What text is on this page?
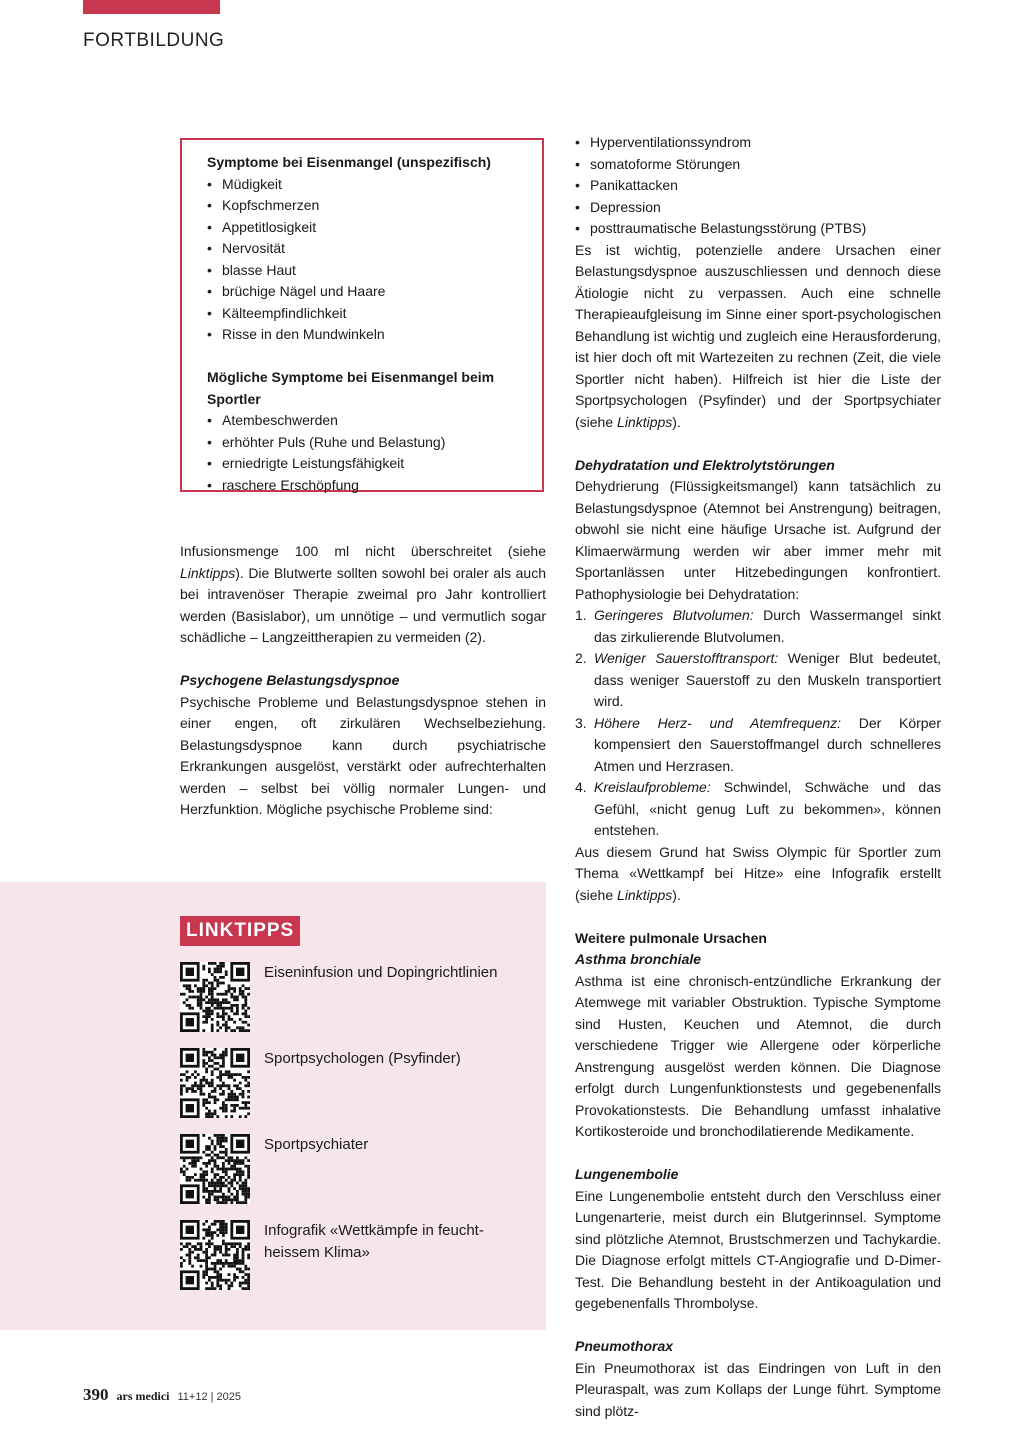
FORTBILDUNG
Symptome bei Eisenmangel (unspezifisch)
• Müdigkeit
• Kopfschmerzen
• Appetitlosigkeit
• Nervosität
• blasse Haut
• brüchige Nägel und Haare
• Kälteempfindlichkeit
• Risse in den Mundwinkeln
Mögliche Symptome bei Eisenmangel beim Sportler
• Atembeschwerden
• erhöhter Puls (Ruhe und Belastung)
• erniedrigte Leistungsfähigkeit
• raschere Erschöpfung

Infusionsmenge 100 ml nicht überschreitet (siehe Linktipps). Die Blutwerte sollten sowohl bei oraler als auch bei intravenöser Therapie zweimal pro Jahr kontrolliert werden (Basislabor), um unnötige – und vermutlich sogar schädliche – Langzeittherapien zu vermeiden (2).

Psychogene Belastungsdyspnoe

Psychische Probleme und Belastungsdyspnoe stehen in einer engen, oft zirkulären Wechselbeziehung. Belastungsdyspnoe kann durch psychiatrische Erkrankungen ausgelöst, verstärkt oder aufrechterhalten werden – selbst bei völlig normaler Lungen- und Herzfunktion. Mögliche psychische Probleme sind:

• Hyperventilationssyndrom
• somatoforme Störungen
• Panikattacken
• Depression
• posttraumatische Belastungsstörung (PTBS)

Es ist wichtig, potenzielle andere Ursachen einer Belastungsdyspnoe auszuschliessen und dennoch diese Ätiologie nicht zu verpassen. Auch eine schnelle Therapieaufgleisung im Sinne einer sport-psychologischen Behandlung ist wichtig und zugleich eine Herausforderung, ist hier doch oft mit Wartezeiten zu rechnen (Zeit, die viele Sportler nicht haben). Hilfreich ist hier die Liste der Sportpsychologen (Psyfinder) und der Sportpsychiater (siehe Linktipps).

Dehydratation und Elektrolytstörungen

Dehydrierung (Flüssigkeitsmangel) kann tatsächlich zu Belastungsdyspnoe (Atemnot bei Anstrengung) beitragen, obwohl sie nicht eine häufige Ursache ist. Aufgrund der Klimaerwärmung werden wir aber immer mehr mit Sportanlässen unter Hitzebedingungen konfrontiert. Pathophysiologie bei Dehydratation:

1. Geringeres Blutvolumen: Durch Wassermangel sinkt das zirkulierende Blutvolumen.
2. Weniger Sauerstofftransport: Weniger Blut bedeutet, dass weniger Sauerstoff zu den Muskeln transportiert wird.
3. Höhere Herz- und Atemfrequenz: Der Körper kompensiert den Sauerstoffmangel durch schnelleres Atmen und Herzrasen.
4. Kreislaufprobleme: Schwindel, Schwäche und das Gefühl, «nicht genug Luft zu bekommen», können entstehen.

Aus diesem Grund hat Swiss Olympic für Sportler zum Thema «Wettkampf bei Hitze» eine Infografik erstellt (siehe Linktipps).

Weitere pulmonale Ursachen
Asthma bronchiale

Asthma ist eine chronisch-entzündliche Erkrankung der Atemwege mit variabler Obstruktion. Typische Symptome sind Husten, Keuchen und Atemnot, die durch verschiedene Trigger wie Allergene oder körperliche Anstrengung ausgelöst werden können. Die Diagnose erfolgt durch Lungenfunktionstests und gegebenenfalls Provokationstests. Die Behandlung umfasst inhalative Kortikosteroide und bronchodilatierende Medikamente.

Lungenembolie

Eine Lungenembolie entsteht durch den Verschluss einer Lungenarterie, meist durch ein Blutgerinnsel. Symptome sind plötzliche Atemnot, Brustschmerzen und Tachykardie. Die Diagnose erfolgt mittels CT-Angiografie und D-Dimer-Test. Die Behandlung besteht in der Antikoagulation und gegebenenfalls Thrombolyse.

Pneumothorax

Ein Pneumothorax ist das Eindringen von Luft in den Pleuraspalt, was zum Kollaps der Lunge führt. Symptome sind plötz-

LINKTIPPS
Eiseninfusion und Dopingrichtlinien
Sportpsychologen (Psyfinder)
Sportpsychiater
Infografik «Wettkämpfe in feucht-heissem Klima»
390 ars medici 11+12 | 2025
